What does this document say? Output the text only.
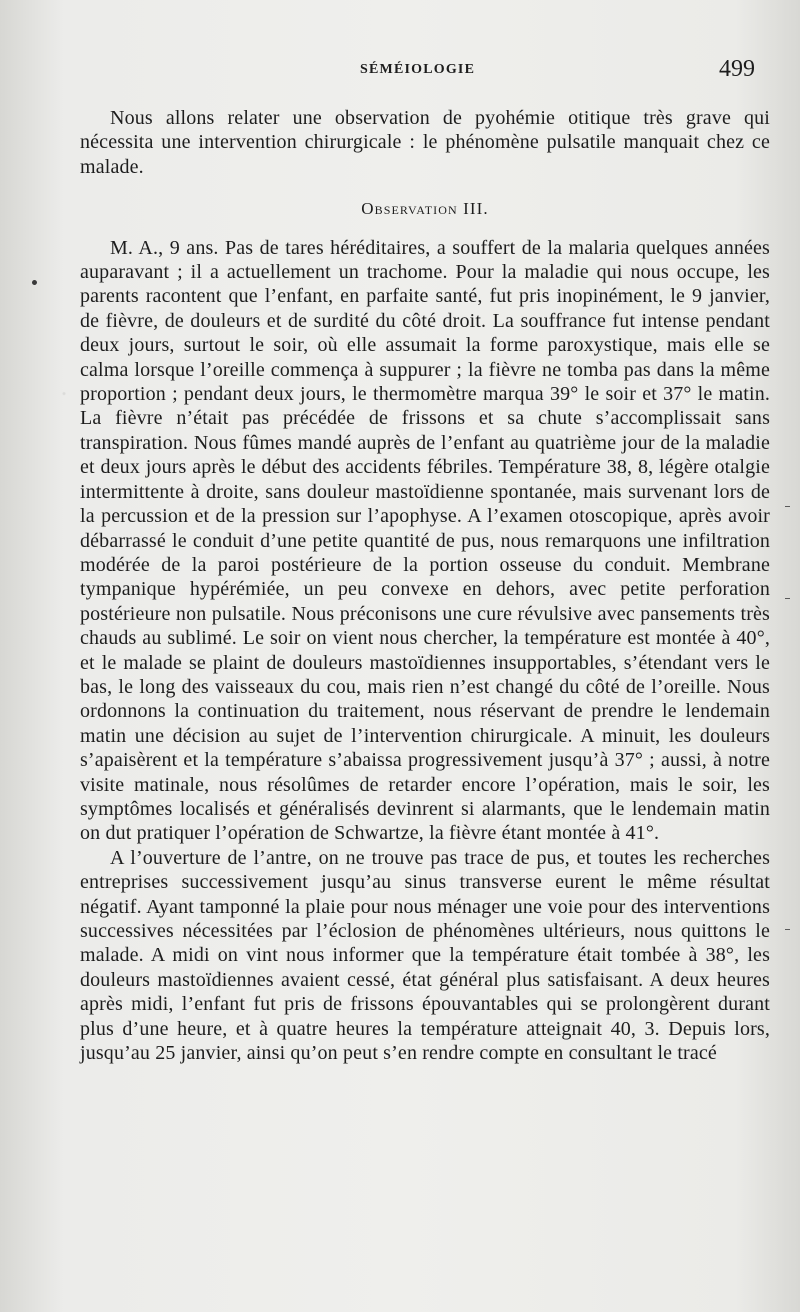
SÉMÉIOLOGIE	499

Nous allons relater une observation de pyohémie otitique très grave qui nécessita une intervention chirurgicale : le phénomène pulsatile manquait chez ce malade.

Observation III.

M. A., 9 ans. Pas de tares héréditaires, a souffert de la malaria quelques années auparavant ; il a actuellement un trachome. Pour la maladie qui nous occupe, les parents racontent que l’enfant, en parfaite santé, fut pris inopinément, le 9 janvier, de fièvre, de douleurs et de surdité du côté droit. La souffrance fut intense pendant deux jours, surtout le soir, où elle assumait la forme paroxystique, mais elle se calma lorsque l’oreille commença à suppurer ; la fièvre ne tomba pas dans la même proportion ; pendant deux jours, le thermomètre marqua 39° le soir et 37° le matin. La fièvre n’était pas précédée de frissons et sa chute s’accomplissait sans transpiration. Nous fûmes mandé auprès de l’enfant au quatrième jour de la maladie et deux jours après le début des accidents fébriles. Température 38, 8, légère otalgie intermittente à droite, sans douleur mastoïdienne spontanée, mais survenant lors de la percussion et de la pression sur l’apophyse. A l’examen otoscopique, après avoir débarrassé le conduit d’une petite quantité de pus, nous remarquons une infiltration modérée de la paroi postérieure de la portion osseuse du conduit. Membrane tympanique hypérémiée, un peu convexe en dehors, avec petite perforation postérieure non pulsatile. Nous préconisons une cure révulsive avec pansements très chauds au sublimé. Le soir on vient nous chercher, la température est montée à 40°, et le malade se plaint de douleurs mastoïdiennes insupportables, s’étendant vers le bas, le long des vaisseaux du cou, mais rien n’est changé du côté de l’oreille. Nous ordonnons la continuation du traitement, nous réservant de prendre le lendemain matin une décision au sujet de l’intervention chirurgicale. A minuit, les douleurs s’apaisèrent et la température s’abaissa progressivement jusqu’à 37° ; aussi, à notre visite matinale, nous résolûmes de retarder encore l’opération, mais le soir, les symptômes localisés et généralisés devinrent si alarmants, que le lendemain matin on dut pratiquer l’opération de Schwartze, la fièvre étant montée à 41°.

A l’ouverture de l’antre, on ne trouve pas trace de pus, et toutes les recherches entreprises successivement jusqu’au sinus transverse eurent le même résultat négatif. Ayant tamponné la plaie pour nous ménager une voie pour des interventions successives nécessitées par l’éclosion de phénomènes ultérieurs, nous quittons le malade. A midi on vint nous informer que la température était tombée à 38°, les douleurs mastoïdiennes avaient cessé, état général plus satisfaisant. A deux heures après midi, l’enfant fut pris de frissons épouvantables qui se prolongèrent durant plus d’une heure, et à quatre heures la température atteignait 40, 3. Depuis lors, jusqu’au 25 janvier, ainsi qu’on peut s’en rendre compte en consultant le tracé
